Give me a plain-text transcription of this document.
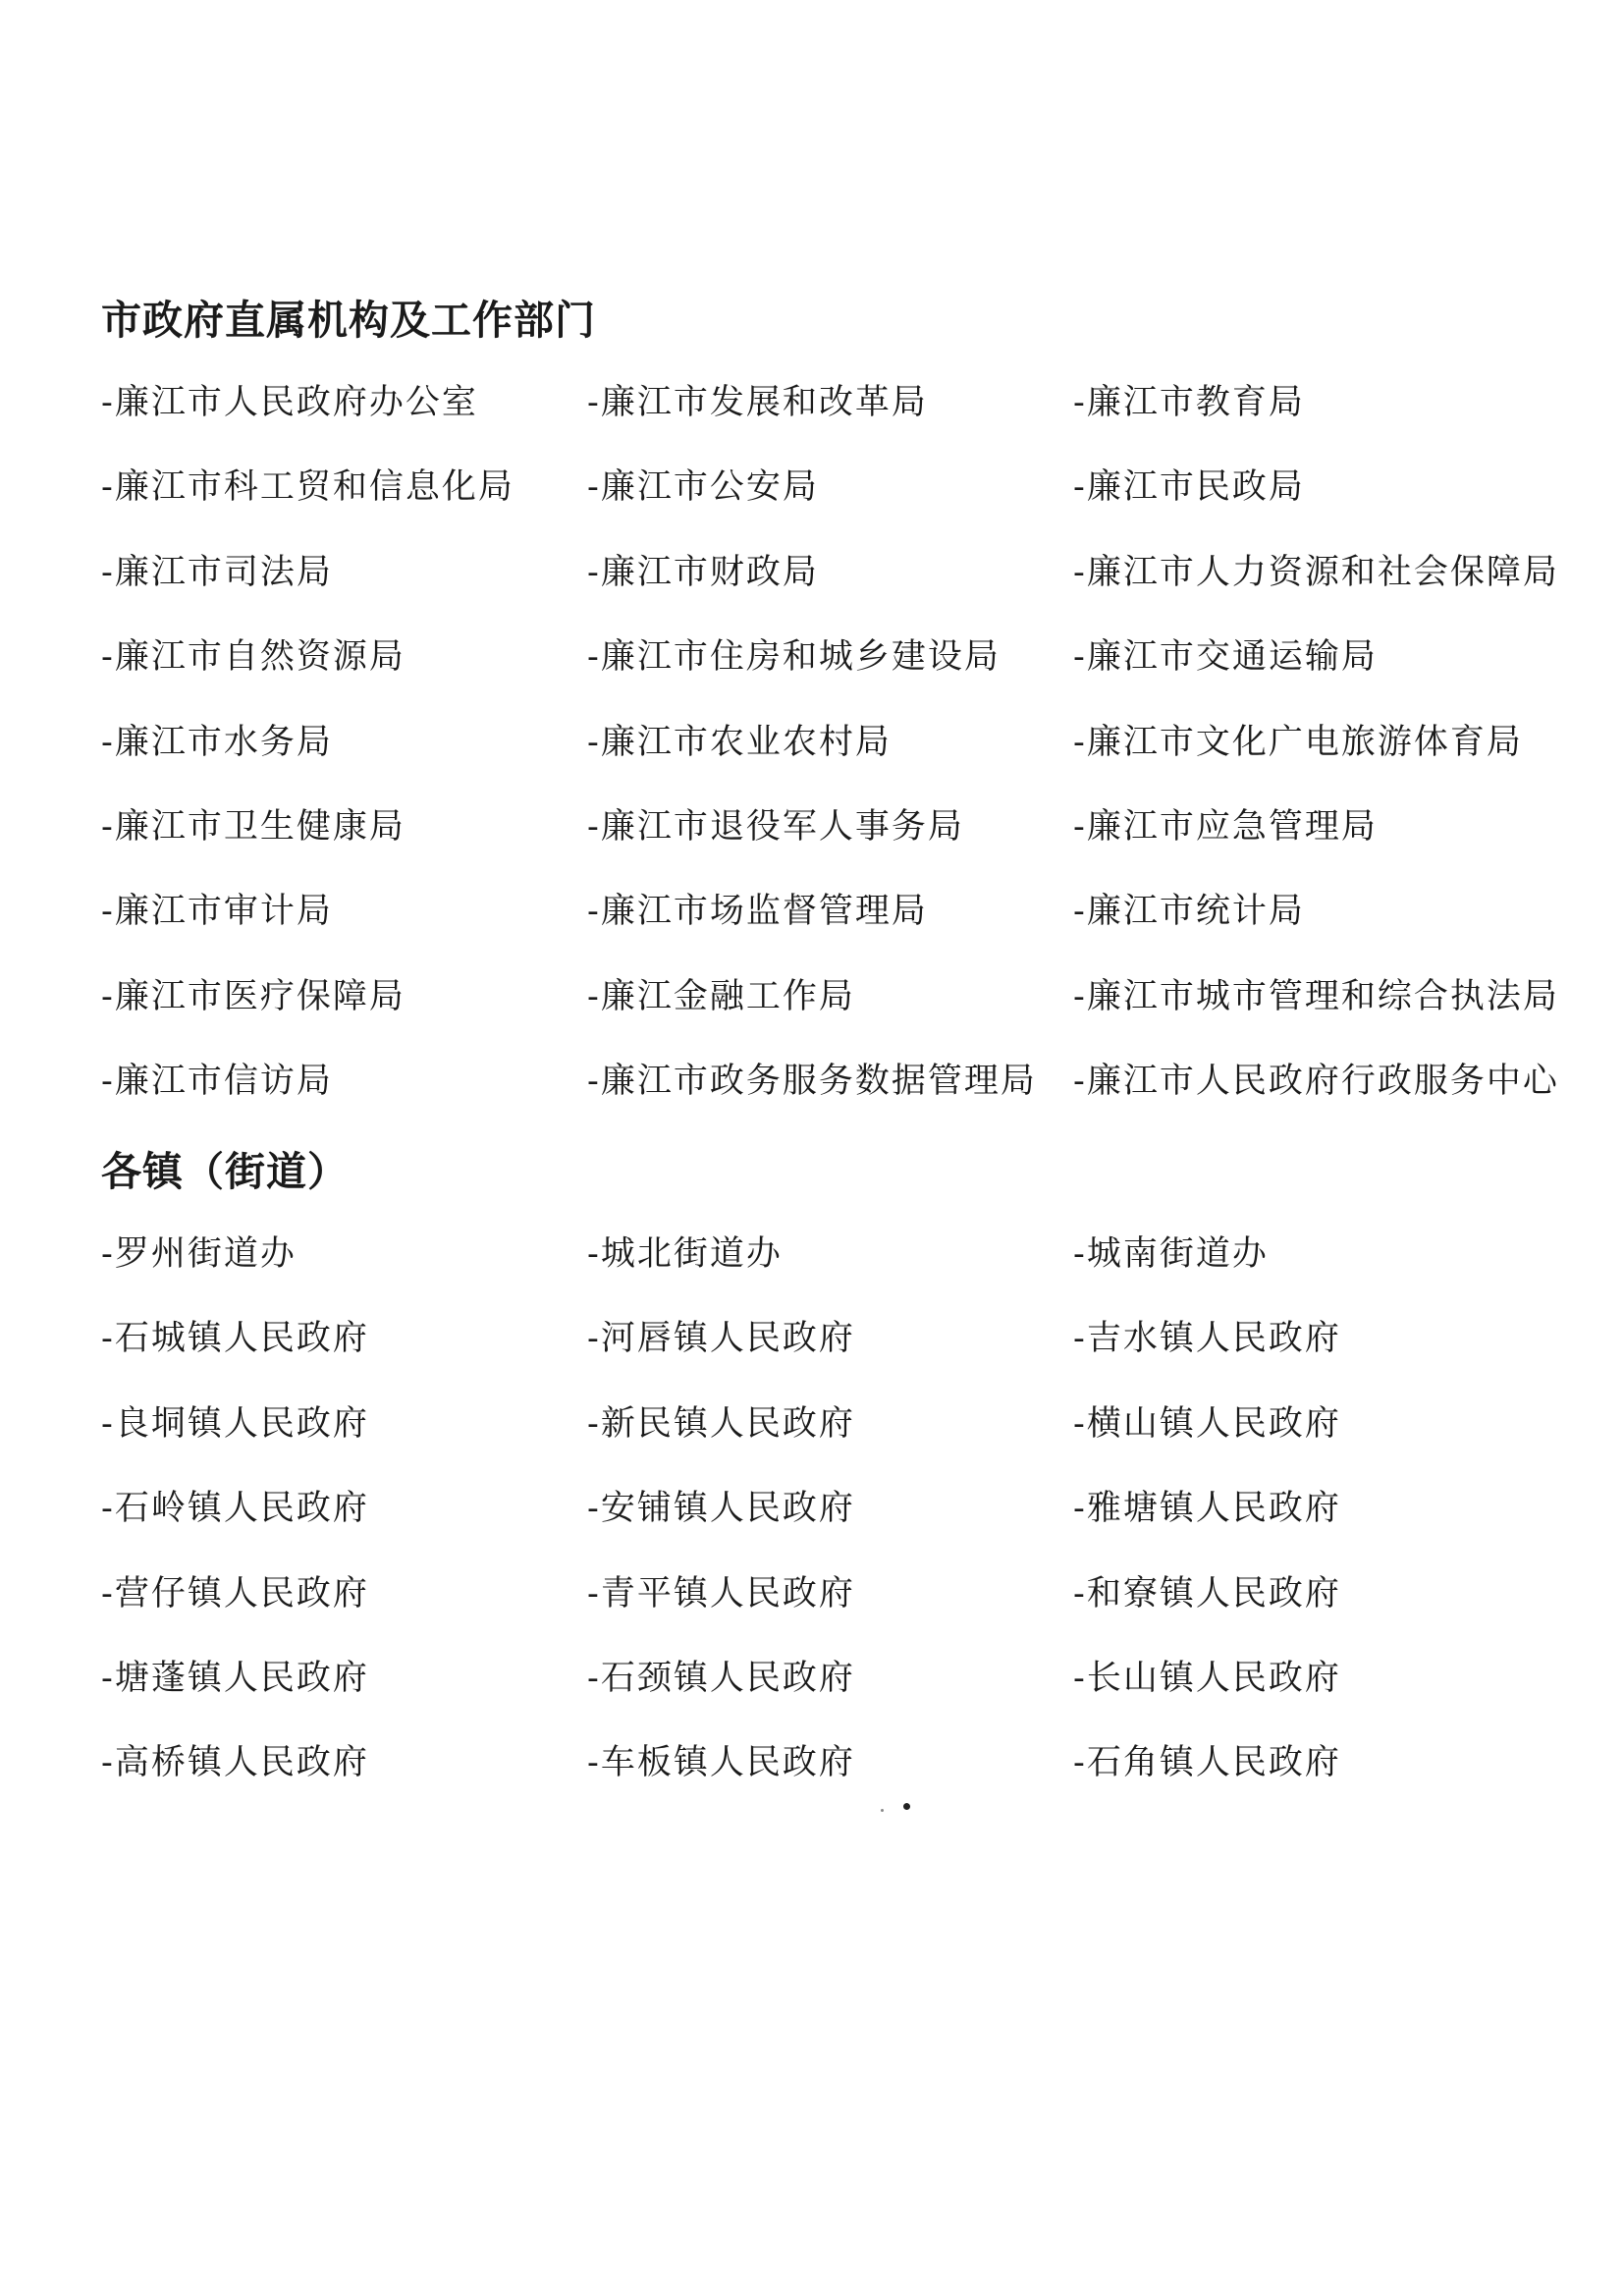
市政府直属机构及工作部门
-廉江市人民政府办公室	-廉江市发展和改革局	-廉江市教育局
-廉江市科工贸和信息化局	-廉江市公安局	-廉江市民政局
-廉江市司法局	-廉江市财政局	-廉江市人力资源和社会保障局
-廉江市自然资源局	-廉江市住房和城乡建设局	-廉江市交通运输局
-廉江市水务局	-廉江市农业农村局	-廉江市文化广电旅游体育局
-廉江市卫生健康局	-廉江市退役军人事务局	-廉江市应急管理局
-廉江市审计局	-廉江市场监督管理局	-廉江市统计局
-廉江市医疗保障局	-廉江金融工作局	-廉江市城市管理和综合执法局
-廉江市信访局	-廉江市政务服务数据管理局	-廉江市人民政府行政服务中心
各镇（街道）
-罗州街道办	-城北街道办	-城南街道办
-石城镇人民政府	-河唇镇人民政府	-吉水镇人民政府
-良垌镇人民政府	-新民镇人民政府	-横山镇人民政府
-石岭镇人民政府	-安铺镇人民政府	-雅塘镇人民政府
-营仔镇人民政府	-青平镇人民政府	-和寮镇人民政府
-塘蓬镇人民政府	-石颈镇人民政府	-长山镇人民政府
-高桥镇人民政府	-车板镇人民政府	-石角镇人民政府
